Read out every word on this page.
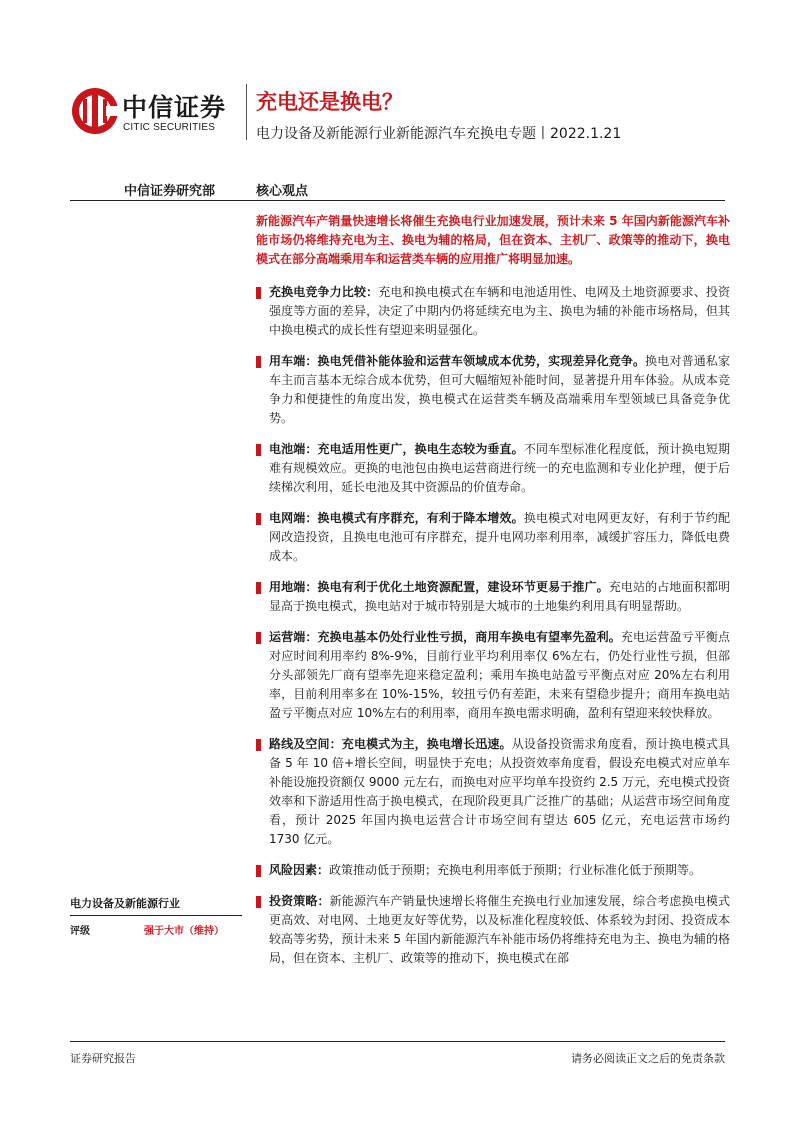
中信证券
CITIC SECURITIES
充电还是换电？
电力设备及新能源行业新能源汽车充换电专题丨2022.1.21
中信证券研究部	核心观点

新能源汽车产销量快速增长将催生充换电行业加速发展，预计未来 5 年国内新能源汽车补能市场仍将维持充电为主、换电为辅的格局，但在资本、主机厂、政策等的推动下，换电模式在部分高端乘用车和运营类车辆的应用推广将明显加速。

充换电竞争力比较：充电和换电模式在车辆和电池适用性、电网及土地资源要求、投资强度等方面的差异，决定了中期内仍将延续充电为主、换电为辅的补能市场格局，但其中换电模式的成长性有望迎来明显强化。
用车端：换电凭借补能体验和运营车领域成本优势，实现差异化竞争。换电对普通私家车主而言基本无综合成本优势，但可大幅缩短补能时间，显著提升用车体验。从成本竞争力和便捷性的角度出发，换电模式在运营类车辆及高端乘用车型领域已具备竞争优势。
电池端：充电适用性更广，换电生态较为垂直。不同车型标准化程度低，预计换电短期难有规模效应。更换的电池包由换电运营商进行统一的充电监测和专业化护理，便于后续梯次利用，延长电池及其中资源品的价值寿命。
电网端：换电模式有序群充，有利于降本增效。换电模式对电网更友好，有利于节约配网改造投资，且换电电池可有序群充，提升电网功率利用率，减缓扩容压力，降低电费成本。
用地端：换电有利于优化土地资源配置，建设环节更易于推广。充电站的占地面积都明显高于换电模式，换电站对于城市特别是大城市的土地集约利用具有明显帮助。
运营端：充换电基本仍处行业性亏损，商用车换电有望率先盈利。充电运营盈亏平衡点对应时间利用率约 8%-9%，目前行业平均利用率仅 6%左右，仍处行业性亏损，但部分头部领先厂商有望率先迎来稳定盈利；乘用车换电站盈亏平衡点对应 20%左右利用率，目前利用率多在 10%-15%，较扭亏仍有差距，未来有望稳步提升；商用车换电站盈亏平衡点对应 10%左右的利用率，商用车换电需求明确，盈利有望迎来较快释放。
路线及空间：充电模式为主，换电增长迅速。从设备投资需求角度看，预计换电模式具备 5 年 10 倍+增长空间，明显快于充电；从投资效率角度看，假设充电模式对应单车补能设施投资额仅 9000 元左右，而换电对应平均单车投资约 2.5 万元，充电模式投资效率和下游适用性高于换电模式，在现阶段更具广泛推广的基础；从运营市场空间角度看，预计 2025 年国内换电运营合计市场空间有望达 605 亿元，充电运营市场约 1730 亿元。
风险因素：政策推动低于预期；充换电利用率低于预期；行业标准化低于预期等。
投资策略：新能源汽车产销量快速增长将催生充换电行业加速发展，综合考虑换电模式更高效、对电网、土地更友好等优势，以及标准化程度较低、体系较为封闭、投资成本较高等劣势，预计未来 5 年国内新能源汽车补能市场仍将维持充电为主、换电为辅的格局，但在资本、主机厂、政策等的推动下，换电模式在部
电力设备及新能源行业
评级	强于大市（维持）
证券研究报告	请务必阅读正文之后的免责条款
